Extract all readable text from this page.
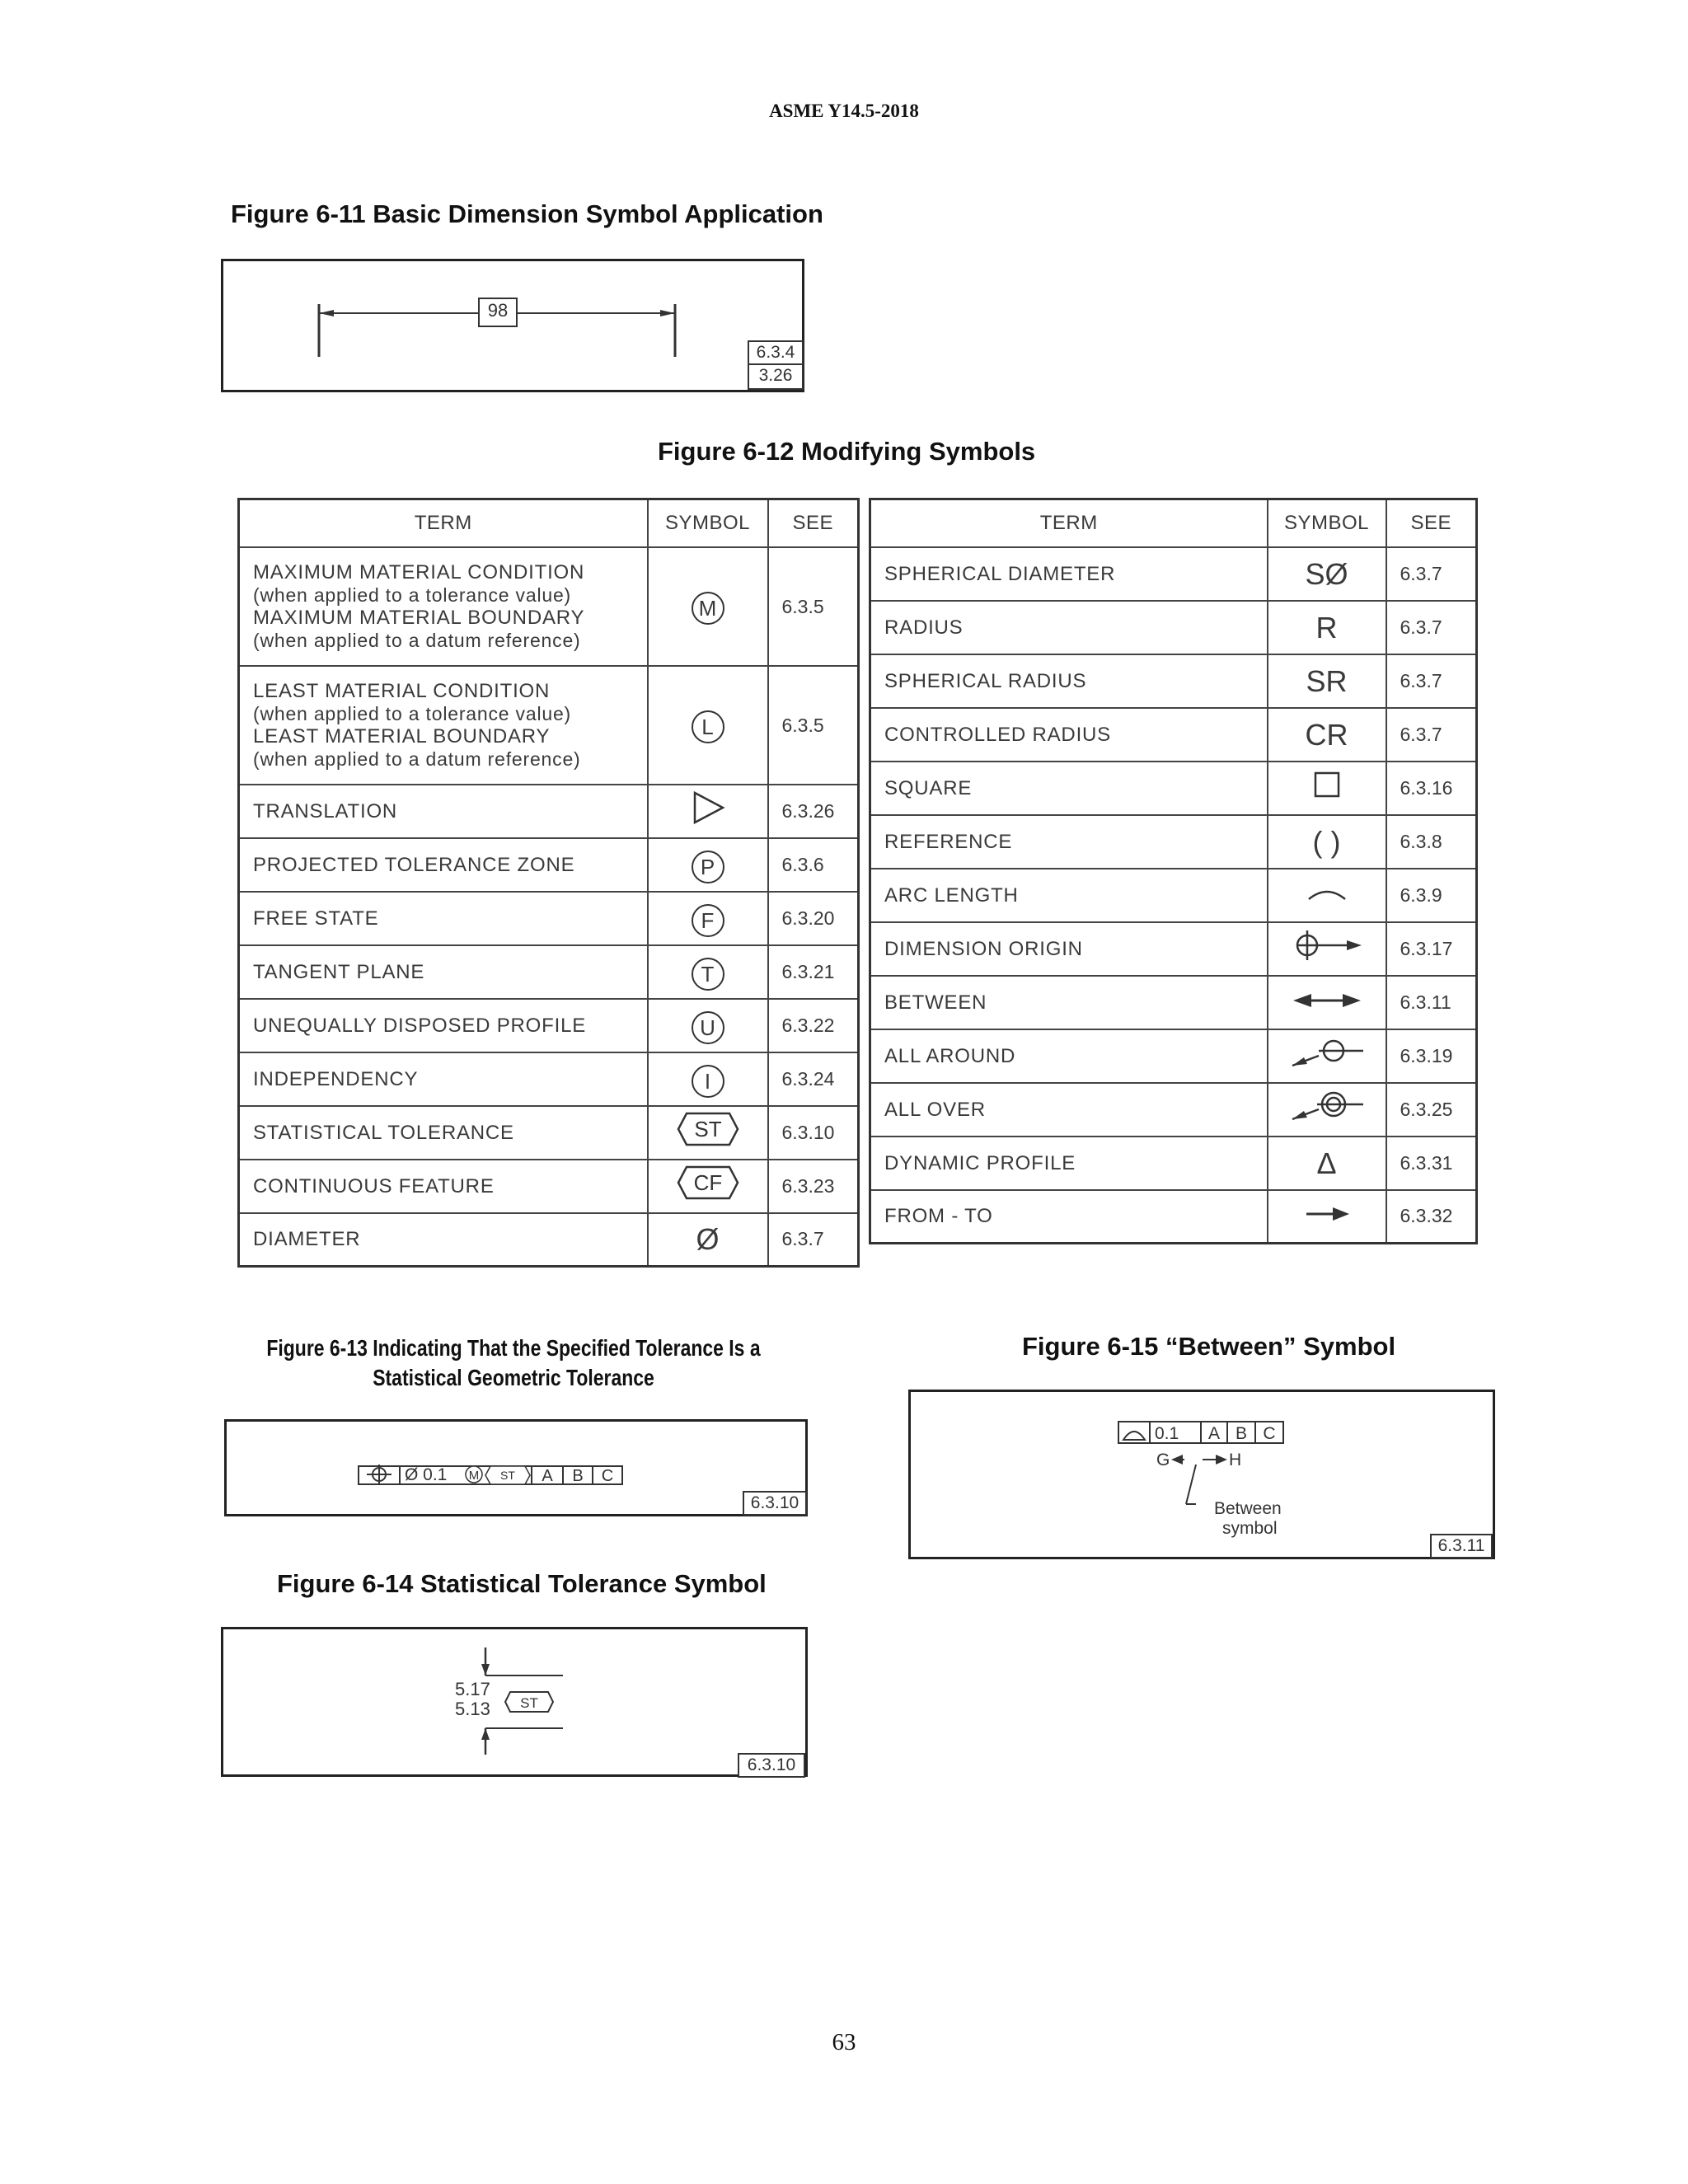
ASME Y14.5-2018
Figure 6-11 Basic Dimension Symbol Application
98
6.3.4
3.26
Figure 6-12 Modifying Symbols
TERM	SYMBOL	SEE

MAXIMUM MATERIAL CONDITION
(when applied to a tolerance value)
MAXIMUM MATERIAL BOUNDARY
(when applied to a datum reference)	M	6.3.5

LEAST MATERIAL CONDITION
(when applied to a tolerance value)
LEAST MATERIAL BOUNDARY
(when applied to a datum reference)	L	6.3.5
TRANSLATION		6.3.26
PROJECTED TOLERANCE ZONE	P	6.3.6
FREE STATE	F	6.3.20
TANGENT PLANE	T	6.3.21
UNEQUALLY DISPOSED PROFILE	U	6.3.22
INDEPENDENCY	I	6.3.24
STATISTICAL TOLERANCE	ST	6.3.10
CONTINUOUS FEATURE	CF	6.3.23
DIAMETER	Ø	6.3.7
TERM	SYMBOL	SEE
SPHERICAL DIAMETER	SØ	6.3.7
RADIUS	R	6.3.7
SPHERICAL RADIUS	SR	6.3.7
CONTROLLED RADIUS	CR	6.3.7
SQUARE		6.3.16
REFERENCE	( )	6.3.8
ARC LENGTH		6.3.9
DIMENSION ORIGIN		6.3.17
BETWEEN		6.3.11
ALL AROUND		6.3.19
ALL OVER		6.3.25
DYNAMIC PROFILE	Δ	6.3.31
FROM - TO		6.3.32
Figure 6-13 Indicating That the Specified Tolerance Is a
Statistical Geometric Tolerance
Ø 0.1 M ST A B C
6.3.10
Figure 6-14 Statistical Tolerance Symbol
5.17
5.13 ST
6.3.10
Figure 6-15 “Between” Symbol
0.1 A B C
G	H
Between
symbol
6.3.11
63
